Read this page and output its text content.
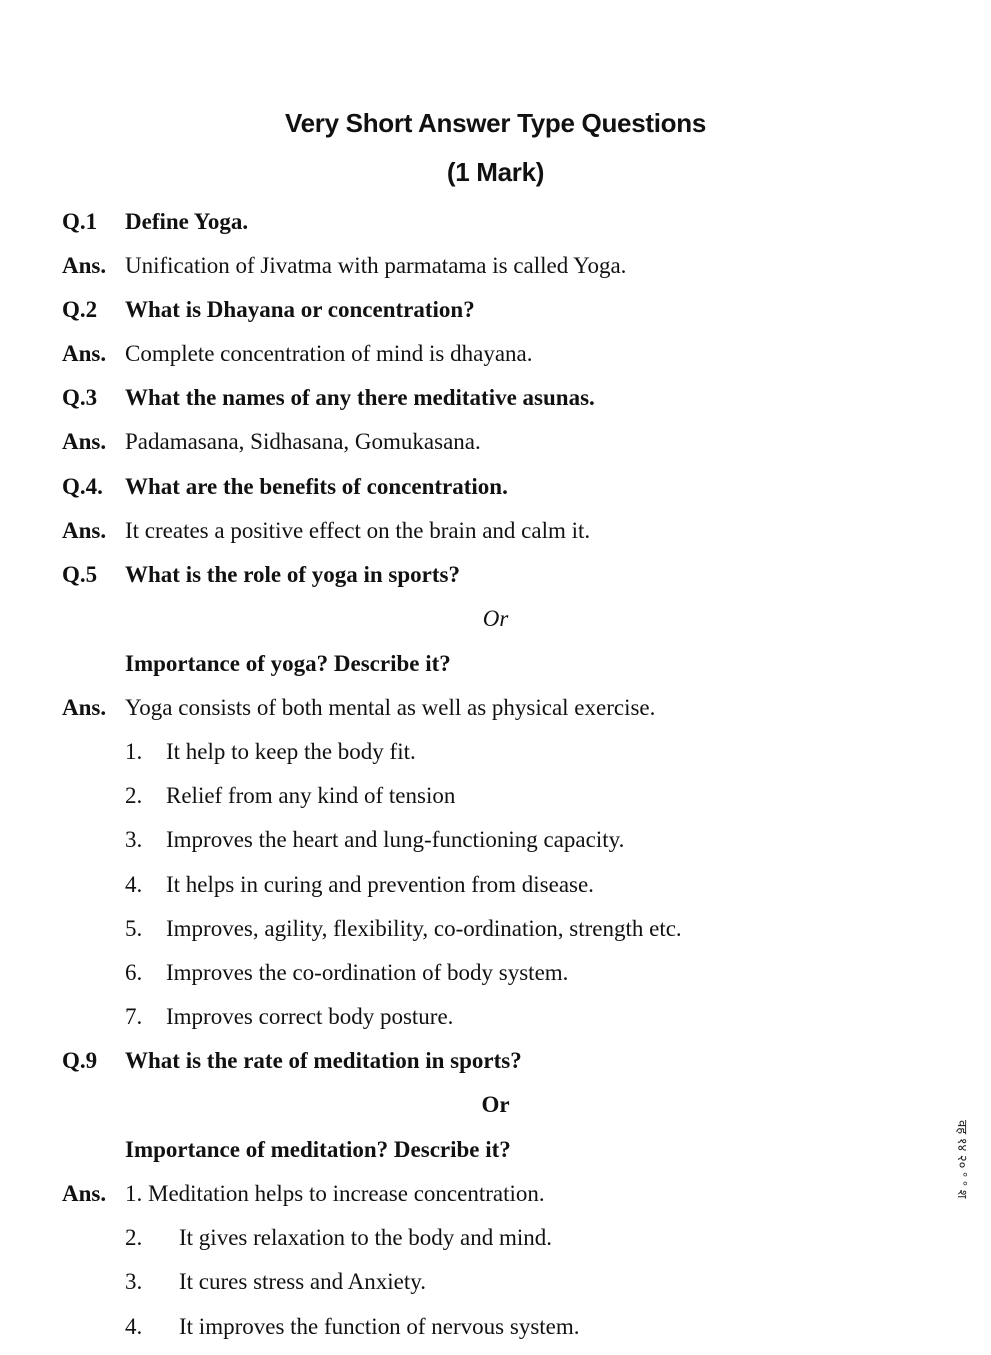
Very Short Answer Type Questions
(1 Mark)
Q.1 Define Yoga.
Ans. Unification of Jivatma with parmatama is called Yoga.
Q.2 What is Dhayana or concentration?
Ans. Complete concentration of mind is dhayana.
Q.3 What the names of any there meditative asunas.
Ans. Padamasana, Sidhasana, Gomukasana.
Q.4. What are the benefits of concentration.
Ans. It creates a positive effect on the brain and calm it.
Q.5 What is the role of yoga in sports?
Or
Importance of yoga? Describe it?
Ans. Yoga consists of both mental as well as physical exercise.
1. It help to keep the body fit.
2. Relief from any kind of tension
3. Improves the heart and lung-functioning capacity.
4. It helps in curing and prevention from disease.
5. Improves, agility, flexibility, co-ordination, strength etc.
6. Improves the co-ordination of body system.
7. Improves correct body posture.
Q.9 What is the rate of meditation in sports?
Or
Importance of meditation? Describe it?
Ans. 1. Meditation helps to increase concentration.
2. It gives relaxation to the body and mind.
3. It cures stress and Anxiety.
4. It improves the function of nervous system.
वह १४ २० ° ° श
